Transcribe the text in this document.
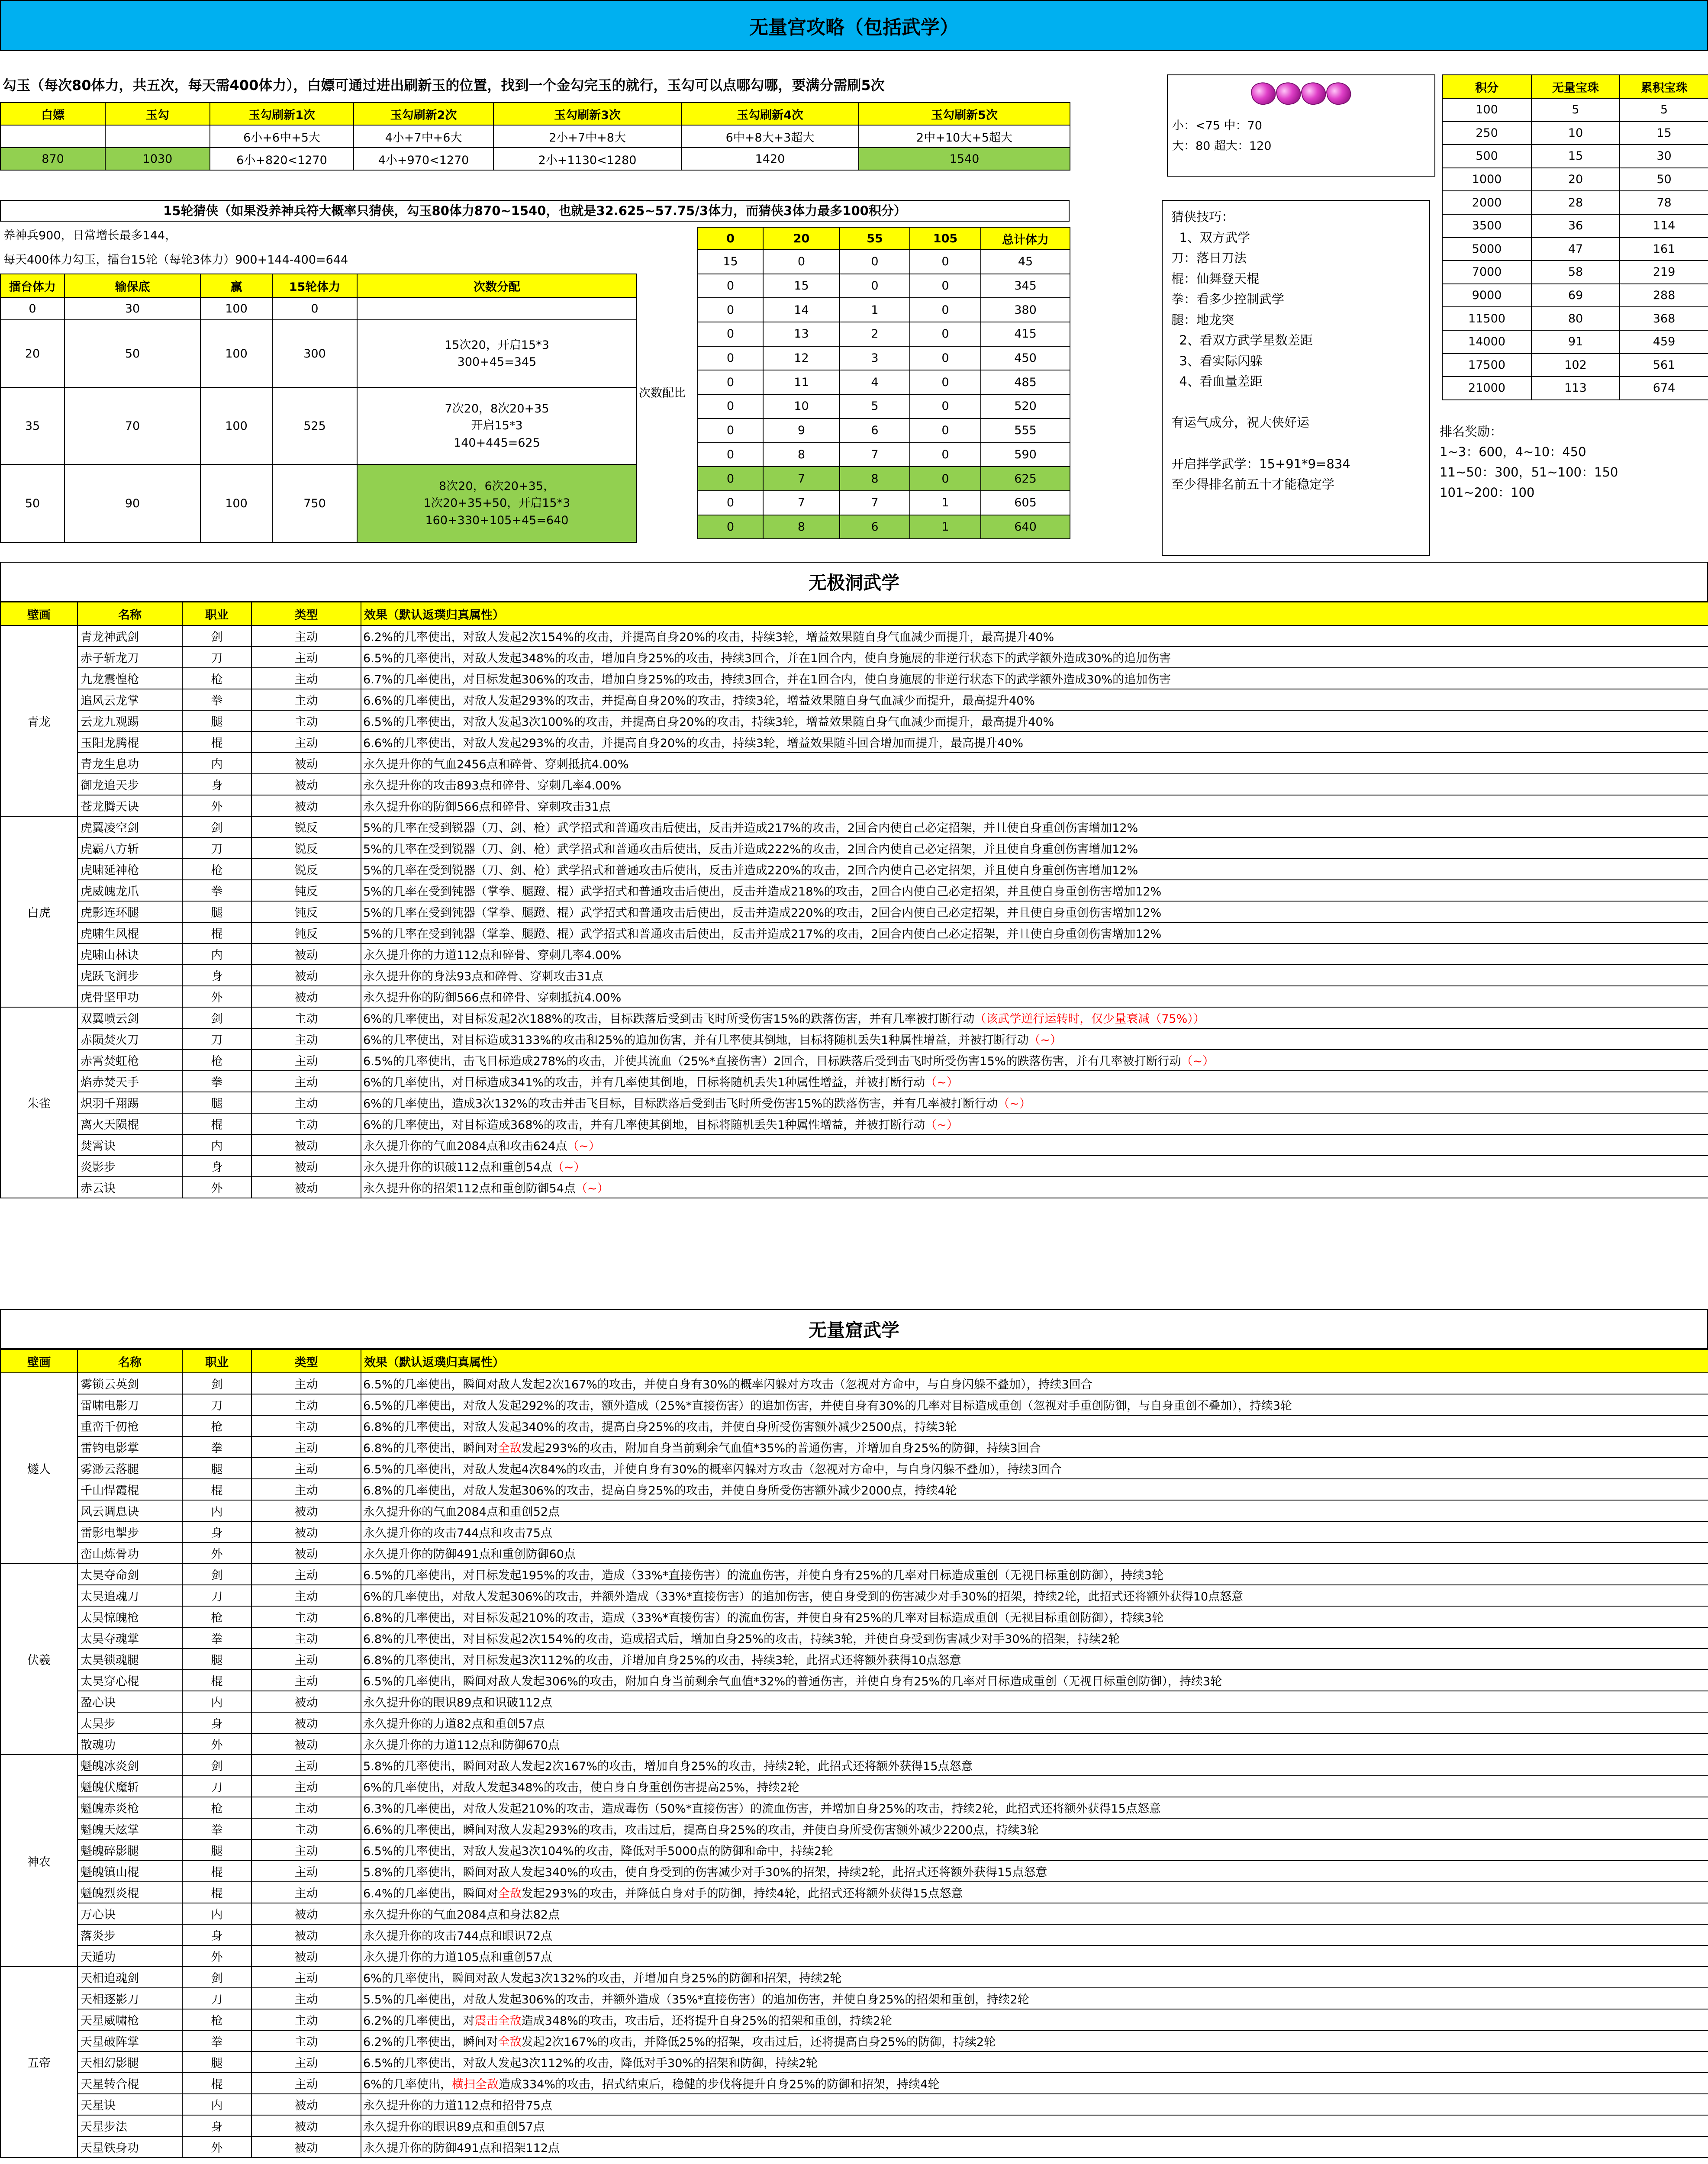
无量宫攻略（包括武学）
勾玉（每次80体力，共五次，每天需400体力），白嫖可通过进出刷新玉的位置，找到一个金勾完玉的就行，玉勾可以点哪勾哪，要满分需刷5次
白嫖	玉勾	玉勾刷新1次	玉勾刷新2次	玉勾刷新3次	玉勾刷新4次	玉勾刷新5次
		6小+6中+5大	4小+7中+6大	2小+7中+8大	6中+8大+3超大	2中+10大+5超大
870	1030	6小+820<1270	4小+970<1270	2小+1130<1280	1420	1540
小：<75 中：70
大：80 超大：120
积分	无量宝珠	累积宝珠
100	5	5
250	10	15
500	15	30
1000	20	50
2000	28	78
3500	36	114
5000	47	161
7000	58	219
9000	69	288
11500	80	368
14000	91	459
17500	102	561
21000	113	674
15轮猜侠（如果没养神兵符大概率只猜侠，勾玉80体力870~1540，也就是32.625~57.75/3体力，而猜侠3体力最多100积分）
养神兵900，日常增长最多144，
每天400体力勾玉，擂台15轮（每轮3体力）900+144-400=644
擂台体力	输保底	赢	15轮体力	次数分配
0	30	100	0	
20	50	100	300	15次20，开启15*3
300+45=345
35	70	100	525	7次20，8次20+35
开启15*3
140+445=625
50	90	100	750	8次20，6次20+35，
1次20+35+50，开启15*3
160+330+105+45=640
次数配比
0	20	55	105	总计体力
15	0	0	0	45
0	15	0	0	345
0	14	1	0	380
0	13	2	0	415
0	12	3	0	450
0	11	4	0	485
0	10	5	0	520
0	9	6	0	555
0	8	7	0	590
0	7	8	0	625
0	7	7	1	605
0	8	6	1	640
猜侠技巧：
1、双方武学
刀：落日刀法
棍：仙舞登天棍
拳：看多少控制武学
腿：地龙突
2、看双方武学星数差距
3、看实际闪躲
4、看血量差距

有运气成分，祝大侠好运

开启拌学武学：15+91*9=834
至少得排名前五十才能稳定学
排名奖励：
1~3：600，4~10：450
11~50：300，51~100：150
101~200：100
无极洞武学
壁画	名称	职业	类型	效果（默认返璞归真属性）
青龙	青龙神武剑	剑	主动	6.2%的几率使出，对敌人发起2次154%的攻击，并提高自身20%的攻击，持续3轮，增益效果随自身气血减少而提升，最高提升40%
	赤子斩龙刀	刀	主动	6.5%的几率使出，对敌人发起348%的攻击，增加自身25%的攻击，持续3回合，并在1回合内，使自身施展的非逆行状态下的武学额外造成30%的追加伤害
	九龙震惶枪	枪	主动	6.7%的几率使出，对目标发起306%的攻击，增加自身25%的攻击，持续3回合，并在1回合内，使自身施展的非逆行状态下的武学额外造成30%的追加伤害
	追风云龙掌	拳	主动	6.6%的几率使出，对敌人发起293%的攻击，并提高自身20%的攻击，持续3轮，增益效果随自身气血减少而提升，最高提升40%
	云龙九观踢	腿	主动	6.5%的几率使出，对敌人发起3次100%的攻击，并提高自身20%的攻击，持续3轮，增益效果随自身气血减少而提升，最高提升40%
	玉阳龙腾棍	棍	主动	6.6%的几率使出，对敌人发起293%的攻击，并提高自身20%的攻击，持续3轮，增益效果随斗回合增加而提升，最高提升40%
	青龙生息功	内	被动	永久提升你的气血2456点和碎骨、穿刺抵抗4.00%
	御龙追天步	身	被动	永久提升你的攻击893点和碎骨、穿刺几率4.00%
	苍龙腾天诀	外	被动	永久提升你的防御566点和碎骨、穿刺攻击31点
白虎	虎翼凌空剑	剑	锐反	5%的几率在受到锐器（刀、剑、枪）武学招式和普通攻击后使出，反击并造成217%的攻击，2回合内使自己必定招架，并且使自身重创伤害增加12%
	虎霸八方斩	刀	锐反	5%的几率在受到锐器（刀、剑、枪）武学招式和普通攻击后使出，反击并造成222%的攻击，2回合内使自己必定招架，并且使自身重创伤害增加12%
	虎啸延神枪	枪	锐反	5%的几率在受到锐器（刀、剑、枪）武学招式和普通攻击后使出，反击并造成220%的攻击，2回合内使自己必定招架，并且使自身重创伤害增加12%
	虎威魄龙爪	拳	钝反	5%的几率在受到钝器（掌拳、腿蹬、棍）武学招式和普通攻击后使出，反击并造成218%的攻击，2回合内使自己必定招架，并且使自身重创伤害增加12%
	虎影连环腿	腿	钝反	5%的几率在受到钝器（掌拳、腿蹬、棍）武学招式和普通攻击后使出，反击并造成220%的攻击，2回合内使自己必定招架，并且使自身重创伤害增加12%
	虎啸生风棍	棍	钝反	5%的几率在受到钝器（掌拳、腿蹬、棍）武学招式和普通攻击后使出，反击并造成217%的攻击，2回合内使自己必定招架，并且使自身重创伤害增加12%
	虎啸山林诀	内	被动	永久提升你的力道112点和碎骨、穿刺几率4.00%
	虎跃飞涧步	身	被动	永久提升你的身法93点和碎骨、穿刺攻击31点
	虎骨坚甲功	外	被动	永久提升你的防御566点和碎骨、穿刺抵抗4.00%
朱雀	双翼喷云剑	剑	主动	6%的几率使出，对目标发起2次188%的攻击，目标跌落后受到击飞时所受伤害15%的跌落伤害，并有几率被打断行动（该武学逆行运转时，仅少量衰减（75%））
	赤陨焚火刀	刀	主动	6%的几率使出，对目标造成3133%的攻击和25%的追加伤害，并有几率使其倒地，目标将随机丢失1种属性增益，并被打断行动（~）
	赤霄焚虹枪	枪	主动	6.5%的几率使出，击飞目标造成278%的攻击，并使其流血（25%*直接伤害）2回合，目标跌落后受到击飞时所受伤害15%的跌落伤害，并有几率被打断行动（~）
	焰赤焚天手	拳	主动	6%的几率使出，对目标造成341%的攻击，并有几率使其倒地，目标将随机丢失1种属性增益，并被打断行动（~）
	炽羽千翔踢	腿	主动	6%的几率使出，造成3次132%的攻击并击飞目标，目标跌落后受到击飞时所受伤害15%的跌落伤害，并有几率被打断行动（~）
	离火天陨棍	棍	主动	6%的几率使出，对目标造成368%的攻击，并有几率使其倒地，目标将随机丢失1种属性增益，并被打断行动（~）
	焚霄诀	内	被动	永久提升你的气血2084点和攻击624点（~）
	炎影步	身	被动	永久提升你的识破112点和重创54点（~）
	赤云诀	外	被动	永久提升你的招架112点和重创防御54点（~）
无量窟武学
壁画	名称	职业	类型	效果（默认返璞归真属性）
燧人	雾锁云英剑	剑	主动	6.5%的几率使出，瞬间对敌人发起2次167%的攻击，并使自身有30%的概率闪躲对方攻击（忽视对方命中，与自身闪躲不叠加），持续3回合
	雷啸电影刀	刀	主动	6.5%的几率使出，对敌人发起292%的攻击，额外造成（25%*直接伤害）的追加伤害，并使自身有30%的几率对目标造成重创（忽视对手重创防御，与自身重创不叠加），持续3轮
	重峦千仞枪	枪	主动	6.8%的几率使出，对敌人发起340%的攻击，提高自身25%的攻击，并使自身所受伤害额外减少2500点，持续3轮
	雷钧电影掌	拳	主动	6.8%的几率使出，瞬间对全敌发起293%的攻击，附加自身当前剩余气血值*35%的普通伤害，并增加自身25%的防御，持续3回合
	雾渺云落腿	腿	主动	6.5%的几率使出，对敌人发起4次84%的攻击，并使自身有30%的概率闪躲对方攻击（忽视对方命中，与自身闪躲不叠加），持续3回合
	千山悍霞棍	棍	主动	6.8%的几率使出，对敌人发起306%的攻击，提高自身25%的攻击，并使自身所受伤害额外减少2000点，持续4轮
	风云调息诀	内	被动	永久提升你的气血2084点和重创52点
	雷影电掣步	身	被动	永久提升你的攻击744点和攻击75点
	峦山炼骨功	外	被动	永久提升你的防御491点和重创防御60点
伏羲	太昊夺命剑	剑	主动	6.5%的几率使出，对目标发起195%的攻击，造成（33%*直接伤害）的流血伤害，并使自身有25%的几率对目标造成重创（无视目标重创防御），持续3轮
	太昊追魂刀	刀	主动	6%的几率使出，对敌人发起306%的攻击，并额外造成（33%*直接伤害）的追加伤害，使自身受到的伤害减少对手30%的招架，持续2轮，此招式还将额外获得10点怒意
	太昊惊魄枪	枪	主动	6.8%的几率使出，对目标发起210%的攻击，造成（33%*直接伤害）的流血伤害，并使自身有25%的几率对目标造成重创（无视目标重创防御），持续3轮
	太昊夺魂掌	拳	主动	6.8%的几率使出，对目标发起2次154%的攻击，造成招式后，增加自身25%的攻击，持续3轮，并使自身受到伤害减少对手30%的招架，持续2轮
	太昊锁魂腿	腿	主动	6.8%的几率使出，对目标发起3次112%的攻击，并增加自身25%的攻击，持续3轮，此招式还将额外获得10点怒意
	太昊穿心棍	棍	主动	6.5%的几率使出，瞬间对敌人发起306%的攻击，附加自身当前剩余气血值*32%的普通伤害，并使自身有25%的几率对目标造成重创（无视目标重创防御），持续3轮
	盈心诀	内	被动	永久提升你的眼识89点和识破112点
	太昊步	身	被动	永久提升你的力道82点和重创57点
	散魂功	外	被动	永久提升你的力道112点和防御670点
神农	魁魄冰炎剑	剑	主动	5.8%的几率使出，瞬间对敌人发起2次167%的攻击，增加自身25%的攻击，持续2轮，此招式还将额外获得15点怒意
	魁魄伏魔斩	刀	主动	6%的几率使出，对敌人发起348%的攻击，使自身自身重创伤害提高25%，持续2轮
	魁魄赤炎枪	枪	主动	6.3%的几率使出，对敌人发起210%的攻击，造成毒伤（50%*直接伤害）的流血伤害，并增加自身25%的攻击，持续2轮，此招式还将额外获得15点怒意
	魁魄天炫掌	拳	主动	6.6%的几率使出，瞬间对敌人发起293%的攻击，攻击过后，提高自身25%的攻击，并使自身所受伤害额外减少2200点，持续3轮
	魁魄碎影腿	腿	主动	6.5%的几率使出，对敌人发起3次104%的攻击，降低对手5000点的防御和命中，持续2轮
	魁魄镇山棍	棍	主动	5.8%的几率使出，瞬间对敌人发起340%的攻击，使自身受到的伤害减少对手30%的招架，持续2轮，此招式还将额外获得15点怒意
	魁魄烈炎棍	棍	主动	6.4%的几率使出，瞬间对全敌发起293%的攻击，并降低自身对手的防御，持续4轮，此招式还将额外获得15点怒意
	万心诀	内	被动	永久提升你的气血2084点和身法82点
	落炎步	身	被动	永久提升你的攻击744点和眼识72点
	天遁功	外	被动	永久提升你的力道105点和重创57点
五帝	天相追魂剑	剑	主动	6%的几率使出，瞬间对敌人发起3次132%的攻击，并增加自身25%的防御和招架，持续2轮
	天相逐影刀	刀	主动	5.5%的几率使出，对敌人发起306%的攻击，并额外造成（35%*直接伤害）的追加伤害，并使自身25%的招架和重创，持续2轮
	天星威啸枪	枪	主动	6.2%的几率使出，对震击全敌造成348%的攻击，攻击后，还将提升自身25%的招架和重创，持续2轮
	天星破阵掌	拳	主动	6.2%的几率使出，瞬间对全敌发起2次167%的攻击，并降低25%的招架，攻击过后，还将提高自身25%的防御，持续2轮
	天相幻影腿	腿	主动	6.5%的几率使出，对敌人发起3次112%的攻击，降低对手30%的招架和防御，持续2轮
	天星转合棍	棍	主动	6%的几率使出，横扫全敌造成334%的攻击，招式结束后，稳健的步伐将提升自身25%的防御和招架，持续4轮
	天星诀	内	被动	永久提升你的力道112点和招骨75点
	天星步法	身	被动	永久提升你的眼识89点和重创57点
	天星铁身功	外	被动	永久提升你的防御491点和招架112点
